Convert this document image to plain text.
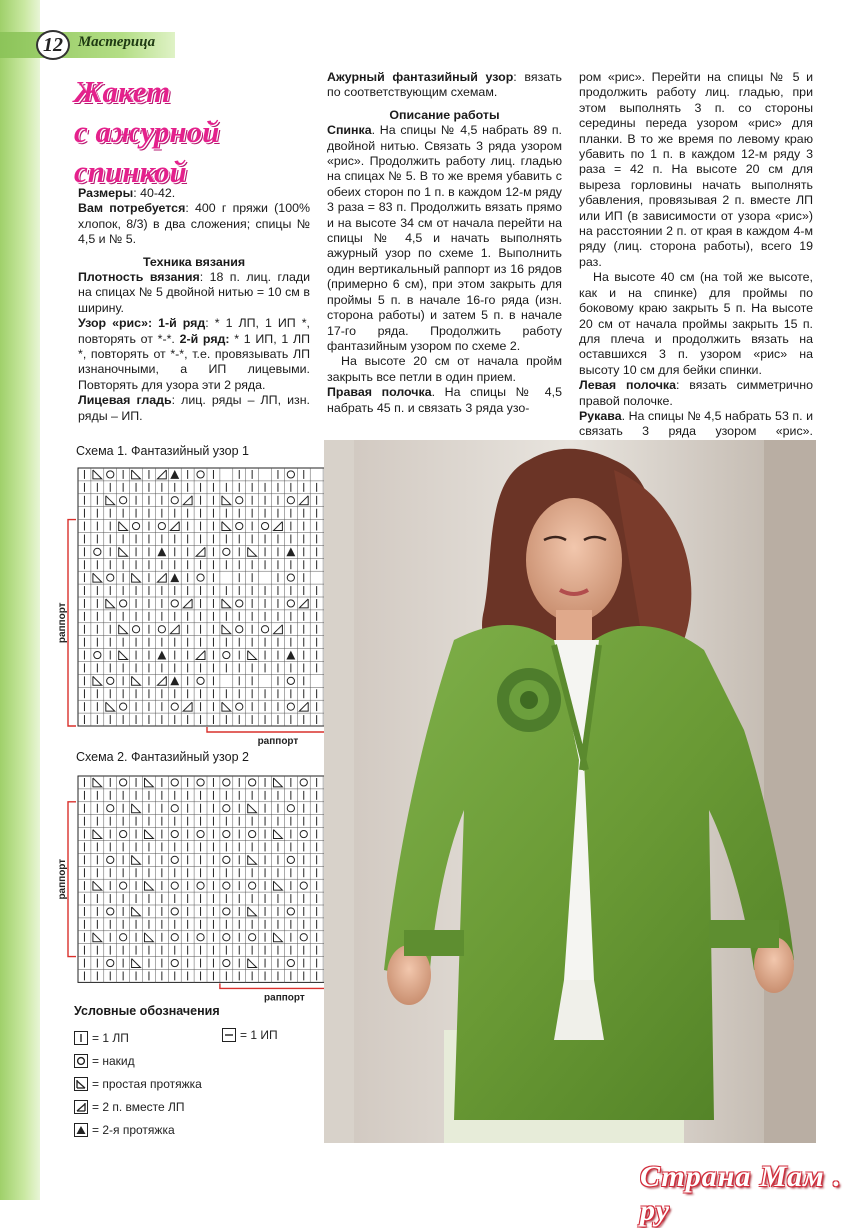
12	Мастерица
Жакет
с ажурной
спинкой

Размеры: 40-42.

Вам потребуется: 400 г пряжи (100% хлопок, 8/3) в два сложения; спицы № 4,5 и № 5.

Техника вязания

Плотность вязания: 18 п. лиц. глади на спицах № 5 двойной нитью = 10 см в ширину.

Узор «рис»: 1-й ряд: * 1 ЛП, 1 ИП *, повторять от *-*. 2-й ряд: * 1 ИП, 1 ЛП *, повторять от *-*, т.е. провязывать ЛП изнаночными, а ИП лицевыми. Повторять для узора эти 2 ряда.

Лицевая гладь: лиц. ряды – ЛП, изн. ряды – ИП.

Ажурный фантазийный узор: вязать по соответствующим схемам.

Описание работы

Спинка. На спицы № 4,5 набрать 89 п. двойной нитью. Связать 3 ряда узором «рис». Продолжить работу лиц. гладью на спицах № 5. В то же время убавить с обеих сторон по 1 п. в каждом 12-м ряду 3 раза = 83 п. Продолжить вязать прямо и на высоте 34 см от начала перейти на спицы № 4,5 и начать выполнять ажурный узор по схеме 1. Выполнить один вертикальный раппорт из 16 рядов (примерно 6 см), при этом закрыть для проймы 5 п. в начале 16-го ряда (изн. сторона работы) и затем 5 п. в начале 17-го ряда. Продолжить работу фантазийным узором по схеме 2.

На высоте 20 см от начала пройм закрыть все петли в один прием.

Правая полочка. На спицы № 4,5 набрать 45 п. и связать 3 ряда узо-

ром «рис». Перейти на спицы № 5 и продолжить работу лиц. гладью, при этом выполнять 3 п. со стороны середины переда узором «рис» для планки. В то же время по левому краю убавить по 1 п. в каждом 12-м ряду 3 раза = 42 п. На высоте 20 см для выреза горловины начать выполнять убавления, провязывая 2 п. вместе ЛП или ИП (в зависимости от узора «рис») на расстоянии 2 п. от края в каждом 4-м ряду (лиц. сторона работы), всего 19 раз.

На высоте 40 см (на той же высоте, как и на спинке) для проймы по боковому краю закрыть 5 п. На высоте 20 см от начала проймы закрыть 15 п. для плеча и продолжить вязать на оставшихся 3 п. узором «рис» на высоту 10 см для бейки спинки.

Левая полочка: вязать симметрично правой полочке.

Рукава. На спицы № 4,5 набрать 53 п. и связать 3 ряда узором «рис».

Схема 1. Фантазийный узор 1
раппорт
раппорт
Схема 2. Фантазийный узор 2
раппорт
раппорт
Условные обозначения
= 1 ЛП
= накид
= простая протяжка
= 2 п. вместе ЛП
= 2-я протяжка
= 1 ИП
Страна Мам . ру
